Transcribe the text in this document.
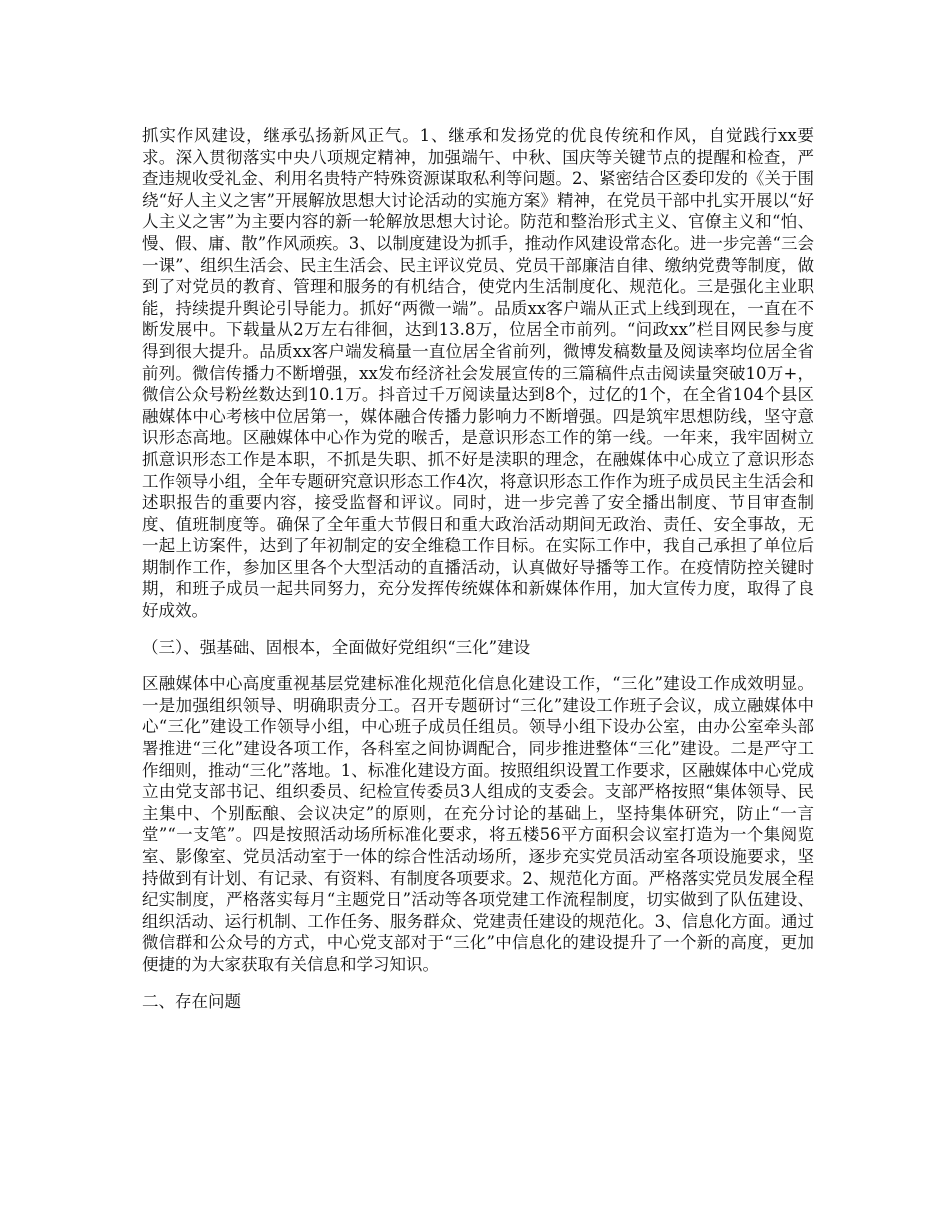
抓实作风建设，继承弘扬新风正气。1、继承和发扬党的优良传统和作风，自觉践行xx要求。深入贯彻落实中央八项规定精神，加强端午、中秋、国庆等关键节点的提醒和检查，严查违规收受礼金、利用名贵特产特殊资源谋取私利等问题。2、紧密结合区委印发的《关于围绕“好人主义之害”开展解放思想大讨论活动的实施方案》精神，在党员干部中扎实开展以“好人主义之害”为主要内容的新一轮解放思想大讨论。防范和整治形式主义、官僚主义和“怕、慢、假、庸、散”作风顽疾。3、以制度建设为抓手，推动作风建设常态化。进一步完善“三会一课”、组织生活会、民主生活会、民主评议党员、党员干部廉洁自律、缴纳党费等制度，做到了对党员的教育、管理和服务的有机结合，使党内生活制度化、规范化。三是强化主业职能，持续提升舆论引导能力。抓好“两微一端”。品质xx客户端从正式上线到现在，一直在不断发展中。下载量从2万左右徘徊，达到13.8万，位居全市前列。“问政xx”栏目网民参与度得到很大提升。品质xx客户端发稿量一直位居全省前列，微博发稿数量及阅读率均位居全省前列。微信传播力不断增强，xx发布经济社会发展宣传的三篇稿件点击阅读量突破10万+，微信公众号粉丝数达到10.1万。抖音过千万阅读量达到8个，过亿的1个，在全省104个县区融媒体中心考核中位居第一，媒体融合传播力影响力不断增强。四是筑牢思想防线，坚守意识形态高地。区融媒体中心作为党的喉舌，是意识形态工作的第一线。一年来，我牢固树立抓意识形态工作是本职，不抓是失职、抓不好是渎职的理念，在融媒体中心成立了意识形态工作领导小组，全年专题研究意识形态工作4次，将意识形态工作作为班子成员民主生活会和述职报告的重要内容，接受监督和评议。同时，进一步完善了安全播出制度、节目审查制度、值班制度等。确保了全年重大节假日和重大政治活动期间无政治、责任、安全事故，无一起上访案件，达到了年初制定的安全维稳工作目标。在实际工作中，我自己承担了单位后期制作工作，参加区里各个大型活动的直播活动，认真做好导播等工作。在疫情防控关键时期，和班子成员一起共同努力，充分发挥传统媒体和新媒体作用，加大宣传力度，取得了良好成效。

（三）、强基础、固根本，全面做好党组织“三化”建设

区融媒体中心高度重视基层党建标准化规范化信息化建设工作，“三化”建设工作成效明显。一是加强组织领导、明确职责分工。召开专题研讨“三化”建设工作班子会议，成立融媒体中心“三化”建设工作领导小组，中心班子成员任组员。领导小组下设办公室，由办公室牵头部署推进“三化”建设各项工作，各科室之间协调配合，同步推进整体“三化”建设。二是严守工作细则，推动“三化”落地。1、标准化建设方面。按照组织设置工作要求，区融媒体中心党成立由党支部书记、组织委员、纪检宣传委员3人组成的支委会。支部严格按照“集体领导、民主集中、个别酝酿、会议决定”的原则，在充分讨论的基础上，坚持集体研究，防止“一言堂”“一支笔”。四是按照活动场所标准化要求，将五楼56平方面积会议室打造为一个集阅览室、影像室、党员活动室于一体的综合性活动场所，逐步充实党员活动室各项设施要求，坚持做到有计划、有记录、有资料、有制度各项要求。2、规范化方面。严格落实党员发展全程纪实制度，严格落实每月“主题党日”活动等各项党建工作流程制度，切实做到了队伍建设、组织活动、运行机制、工作任务、服务群众、党建责任建设的规范化。3、信息化方面。通过微信群和公众号的方式，中心党支部对于“三化”中信息化的建设提升了一个新的高度，更加便捷的为大家获取有关信息和学习知识。

二、存在问题
